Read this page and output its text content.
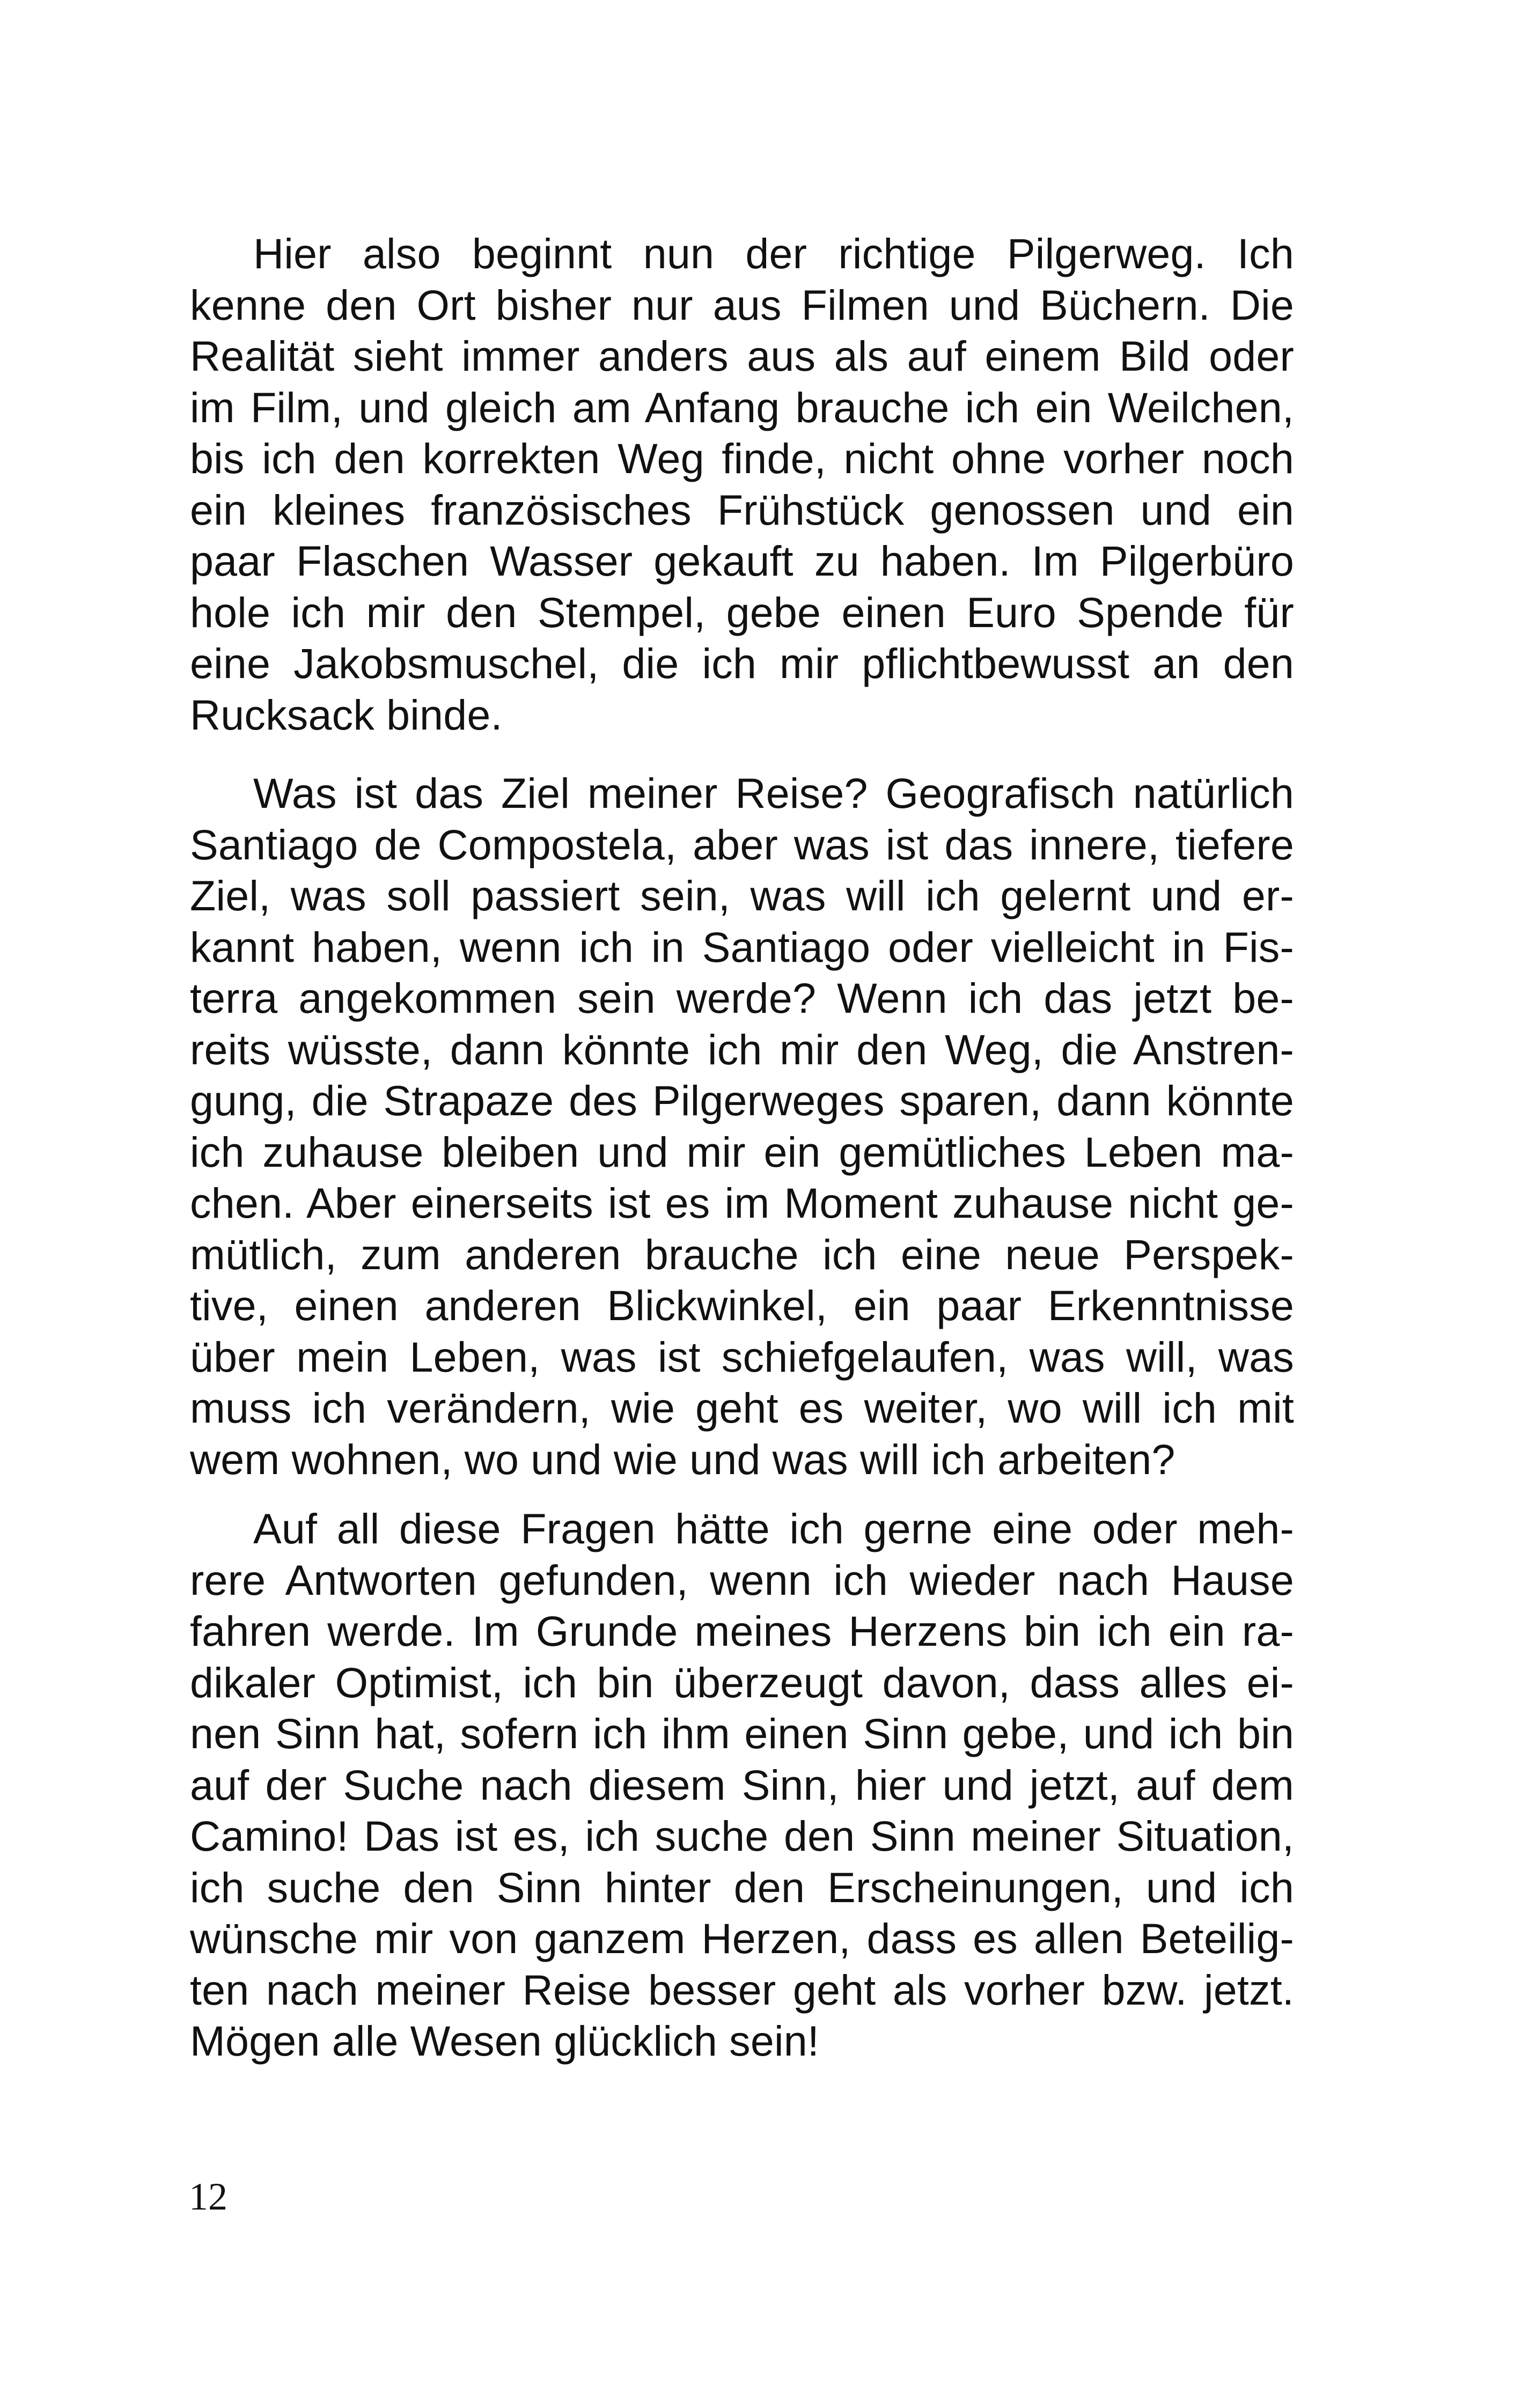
Hier also beginnt nun der richtige Pilgerweg. Ich
kenne den Ort bisher nur aus Filmen und Büchern. Die
Realität sieht immer anders aus als auf einem Bild oder
im Film, und gleich am Anfang brauche ich ein Weilchen,
bis ich den korrekten Weg finde, nicht ohne vorher noch
ein kleines französisches Frühstück genossen und ein
paar Flaschen Wasser gekauft zu haben. Im Pilgerbüro
hole ich mir den Stempel, gebe einen Euro Spende für
eine Jakobsmuschel, die ich mir pflichtbewusst an den
Rucksack binde.
Was ist das Ziel meiner Reise? Geografisch natürlich
Santiago de Compostela, aber was ist das innere, tiefere
Ziel, was soll passiert sein, was will ich gelernt und er-
kannt haben, wenn ich in Santiago oder vielleicht in Fis-
terra angekommen sein werde? Wenn ich das jetzt be-
reits wüsste, dann könnte ich mir den Weg, die Anstren-
gung, die Strapaze des Pilgerweges sparen, dann könnte
ich zuhause bleiben und mir ein gemütliches Leben ma-
chen. Aber einerseits ist es im Moment zuhause nicht ge-
mütlich, zum anderen brauche ich eine neue Perspek-
tive, einen anderen Blickwinkel, ein paar Erkenntnisse
über mein Leben, was ist schiefgelaufen, was will, was
muss ich verändern, wie geht es weiter, wo will ich mit
wem wohnen, wo und wie und was will ich arbeiten?
Auf all diese Fragen hätte ich gerne eine oder meh-
rere Antworten gefunden, wenn ich wieder nach Hause
fahren werde. Im Grunde meines Herzens bin ich ein ra-
dikaler Optimist, ich bin überzeugt davon, dass alles ei-
nen Sinn hat, sofern ich ihm einen Sinn gebe, und ich bin
auf der Suche nach diesem Sinn, hier und jetzt, auf dem
Camino! Das ist es, ich suche den Sinn meiner Situation,
ich suche den Sinn hinter den Erscheinungen, und ich
wünsche mir von ganzem Herzen, dass es allen Beteilig-
ten nach meiner Reise besser geht als vorher bzw. jetzt.
Mögen alle Wesen glücklich sein!
12
